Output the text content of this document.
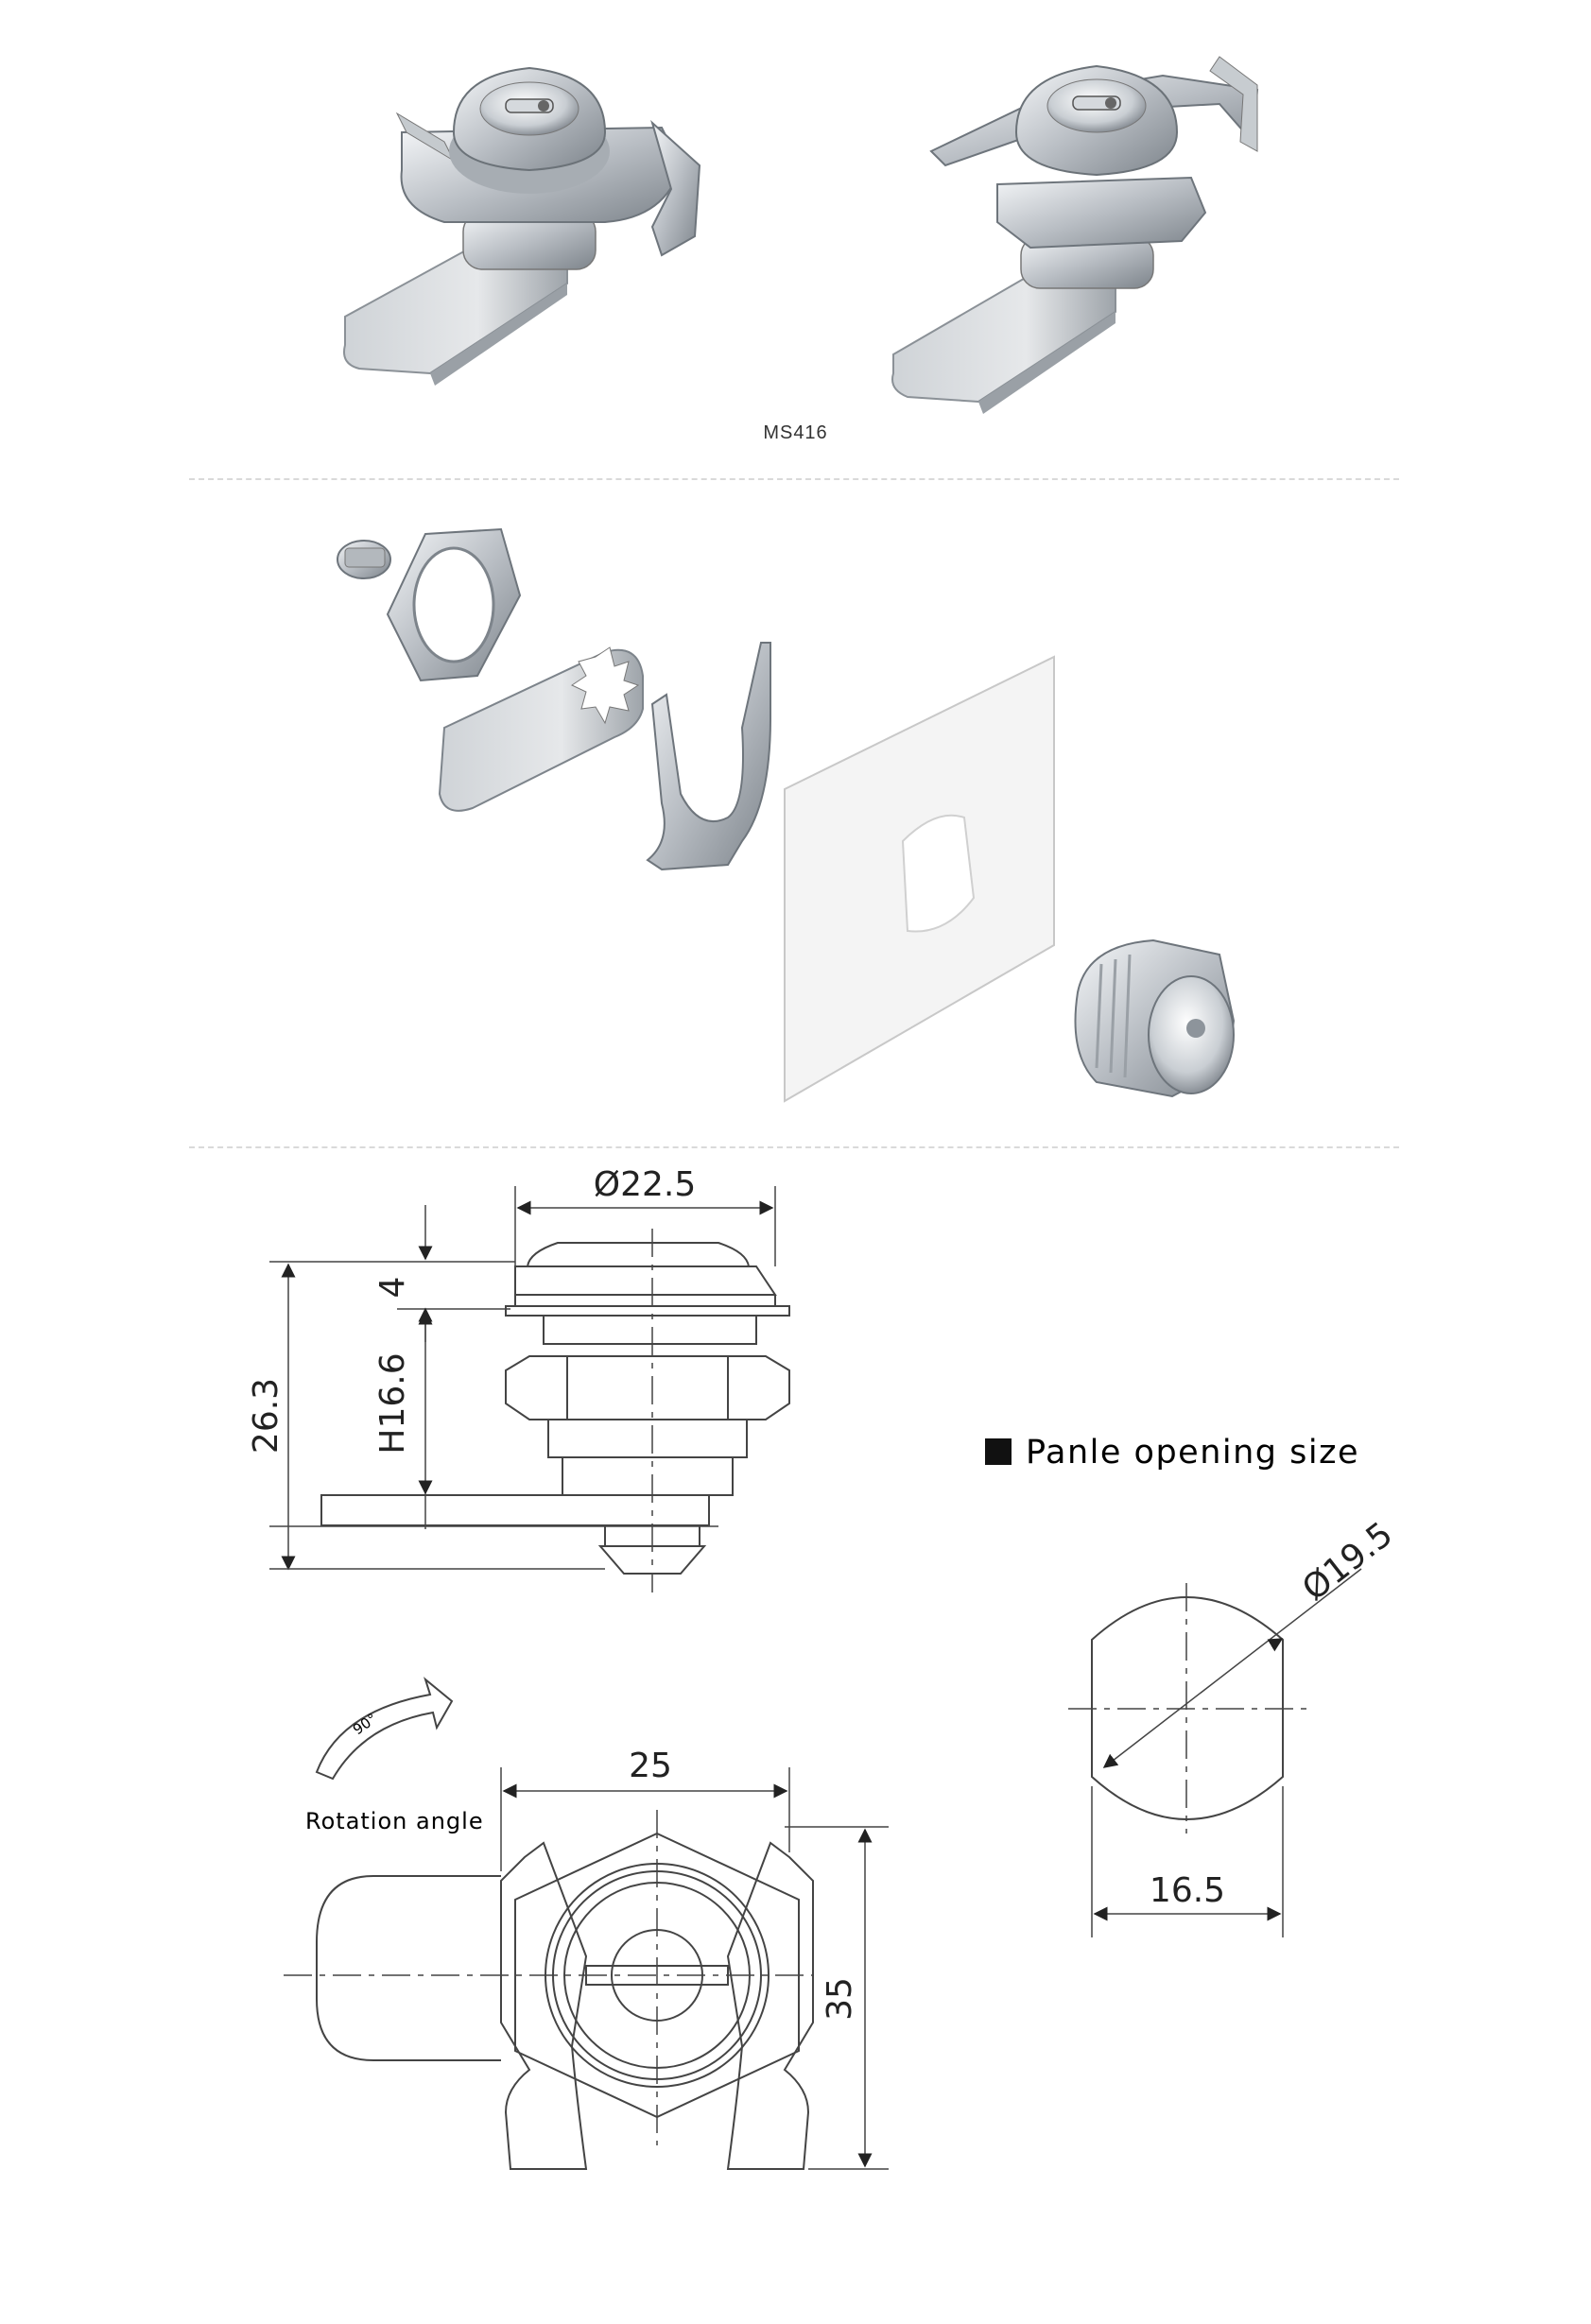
MS416
Ø22.5
4
H16.6
26.3	Panle opening size
Ø19.5
16.5
90°
Rotation angle
25
35
